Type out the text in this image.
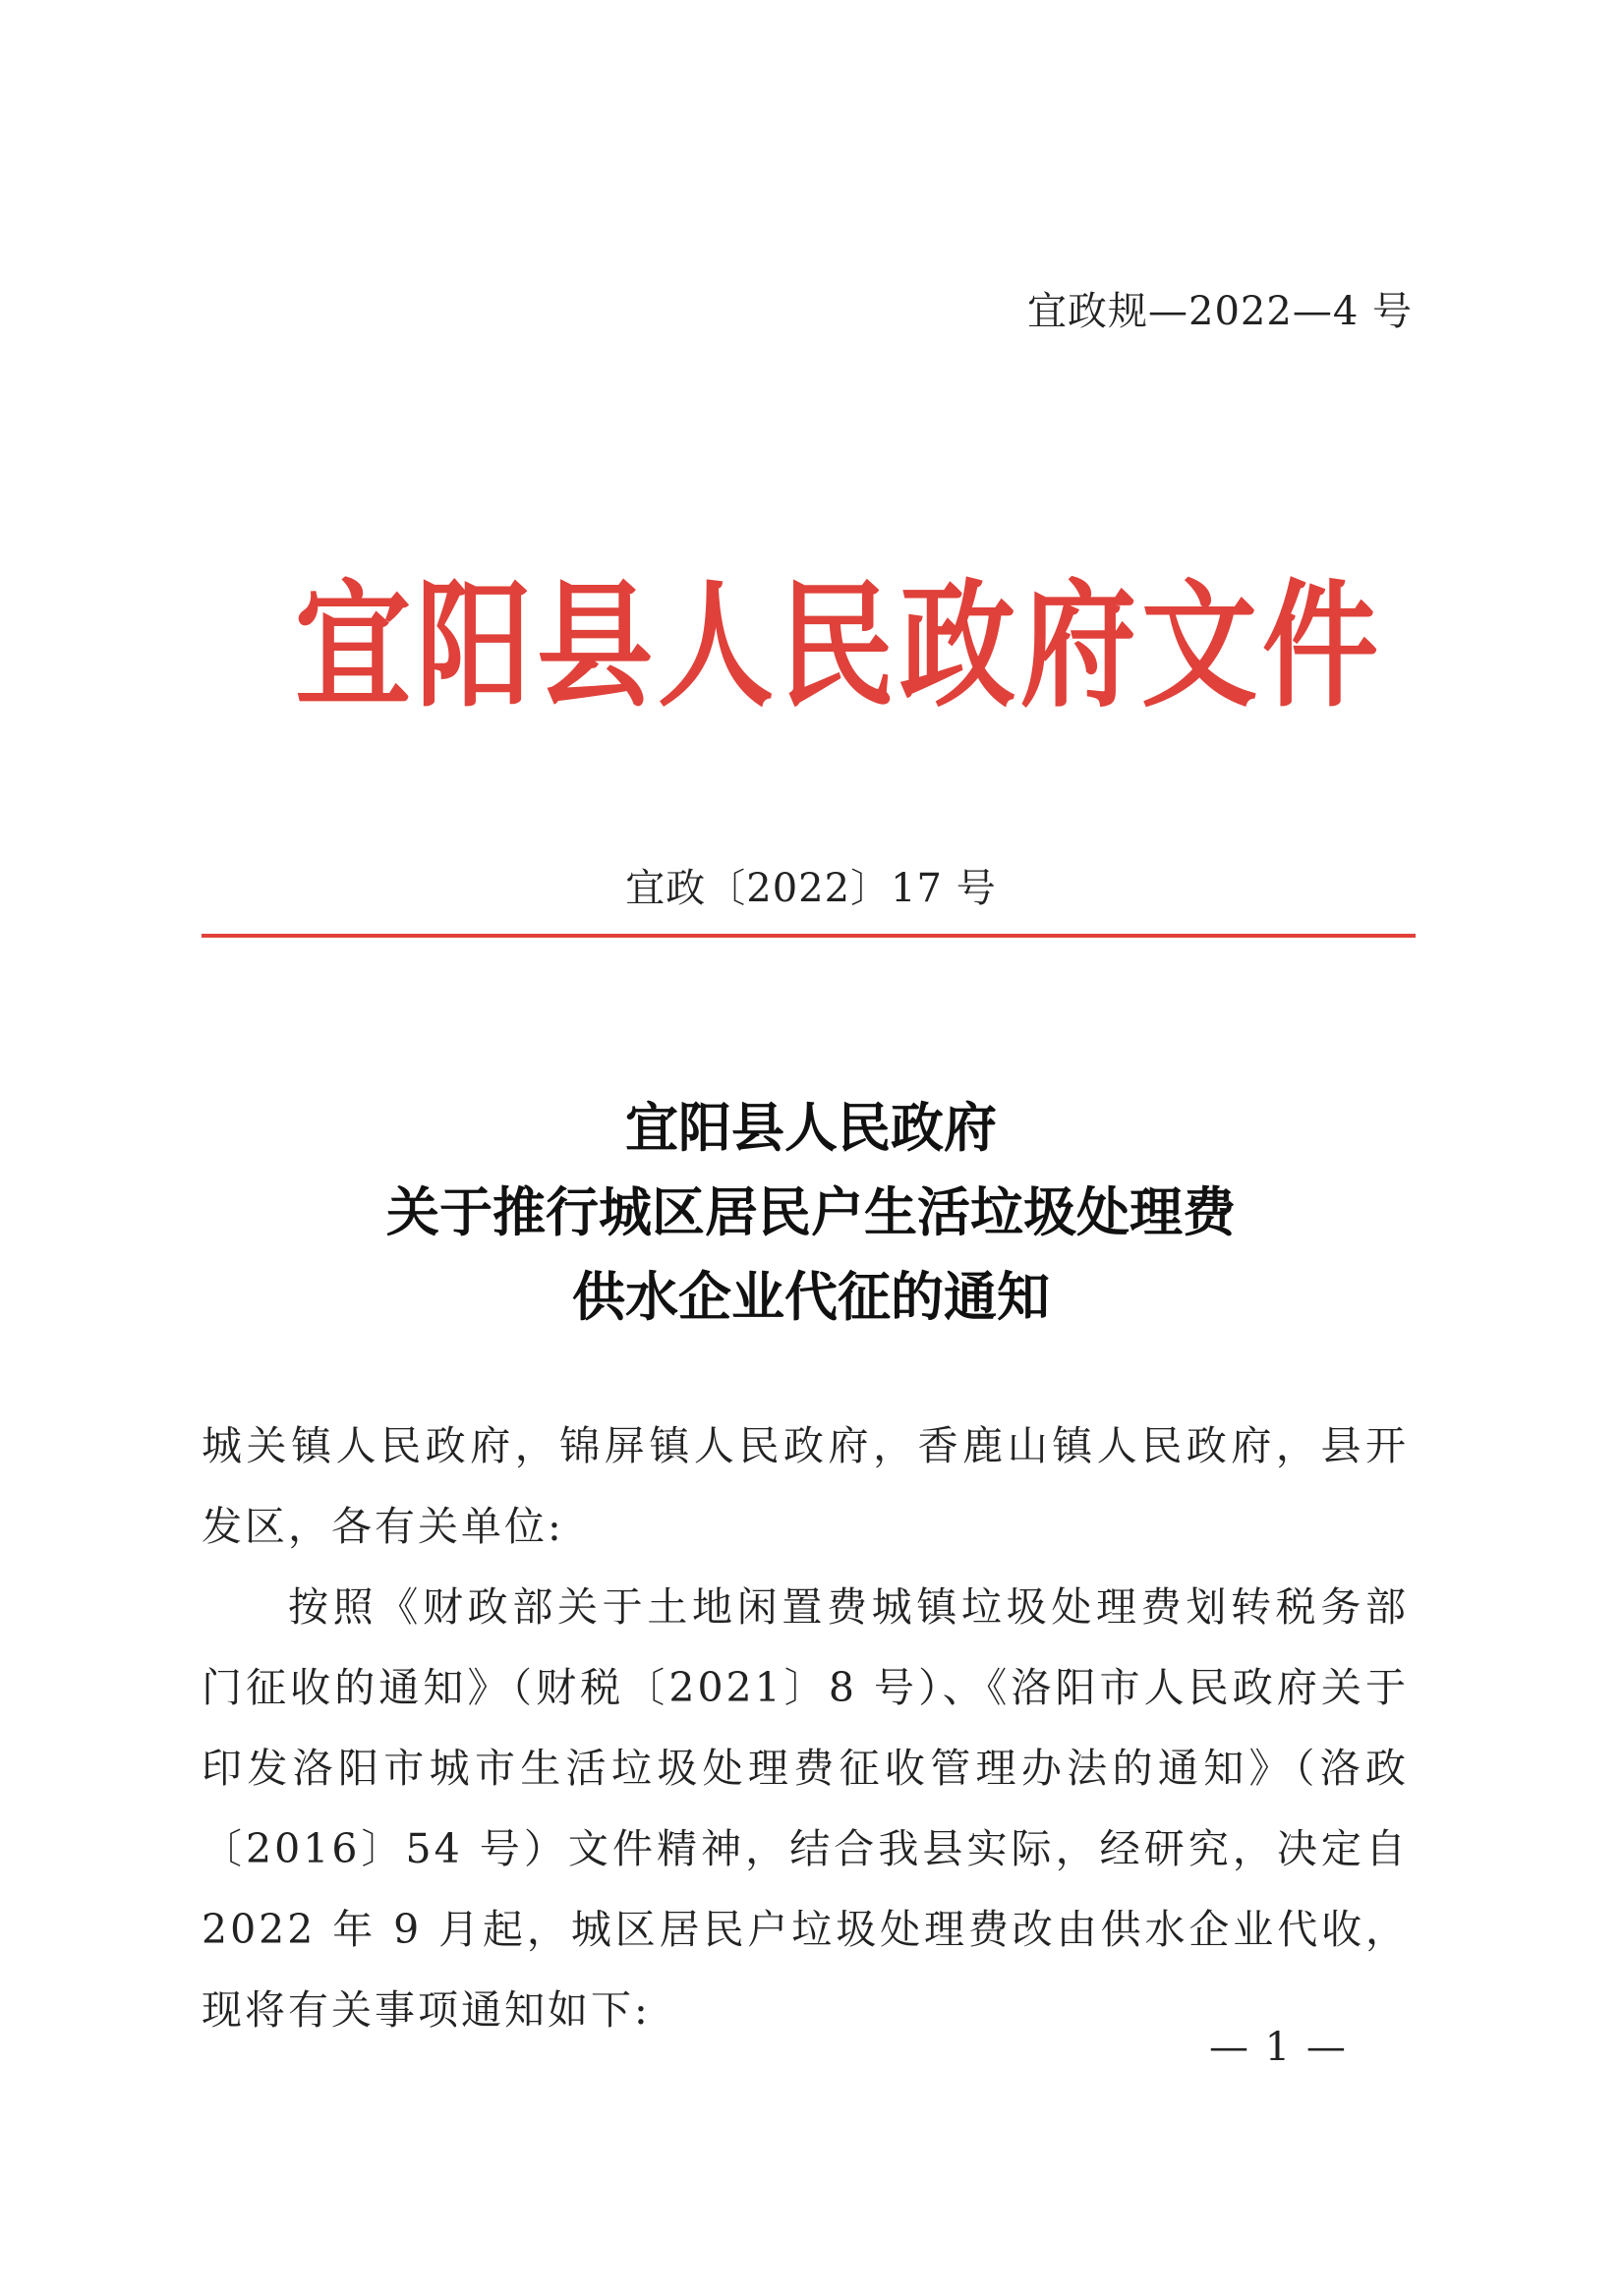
宜政规—2022—4 号
宜阳县人民政府文件
宜政〔2022〕17 号
宜阳县人民政府
关于推行城区居民户生活垃圾处理费
供水企业代征的通知

城关镇人民政府，锦屏镇人民政府，香鹿山镇人民政府，县开发区，各有关单位:

按照《财政部关于土地闲置费城镇垃圾处理费划转税务部门征收的通知》（财税〔2021〕8 号）、《洛阳市人民政府关于印发洛阳市城市生活垃圾处理费征收管理办法的通知》（洛政〔2016〕54 号）文件精神，结合我县实际，经研究，决定自 2022 年 9 月起，城区居民户垃圾处理费改由供水企业代收，现将有关事项通知如下:

— 1 —
